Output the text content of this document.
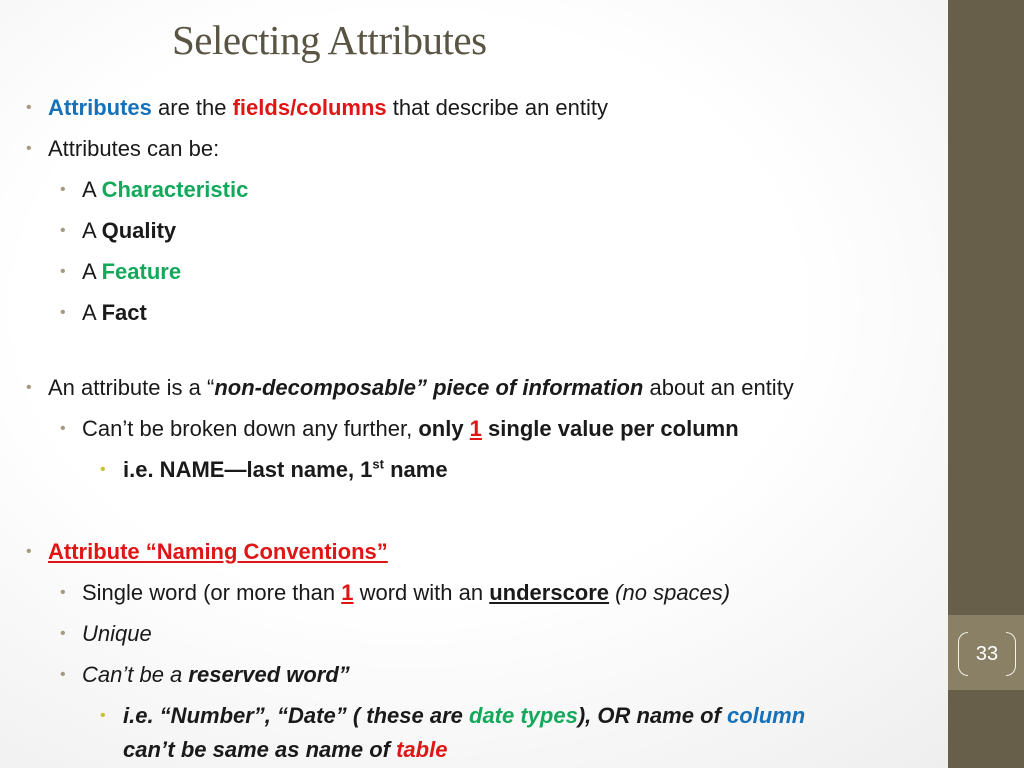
33
Selecting Attributes
• Attributes are the fields/columns that describe an entity
• Attributes can be:
• A Characteristic
• A Quality
• A Feature
• A Fact
• An attribute is a “non-decomposable” piece of information about an entity
• Can’t be broken down any further, only 1 single value per column
• i.e. NAME—last name, 1st name
• Attribute “Naming Conventions”
• Single word (or more than 1 word with an underscore (no spaces)
• Unique
• Can’t be a reserved word”
• i.e. “Number”, “Date” ( these are date types), OR name of column
can’t be same as name of table
